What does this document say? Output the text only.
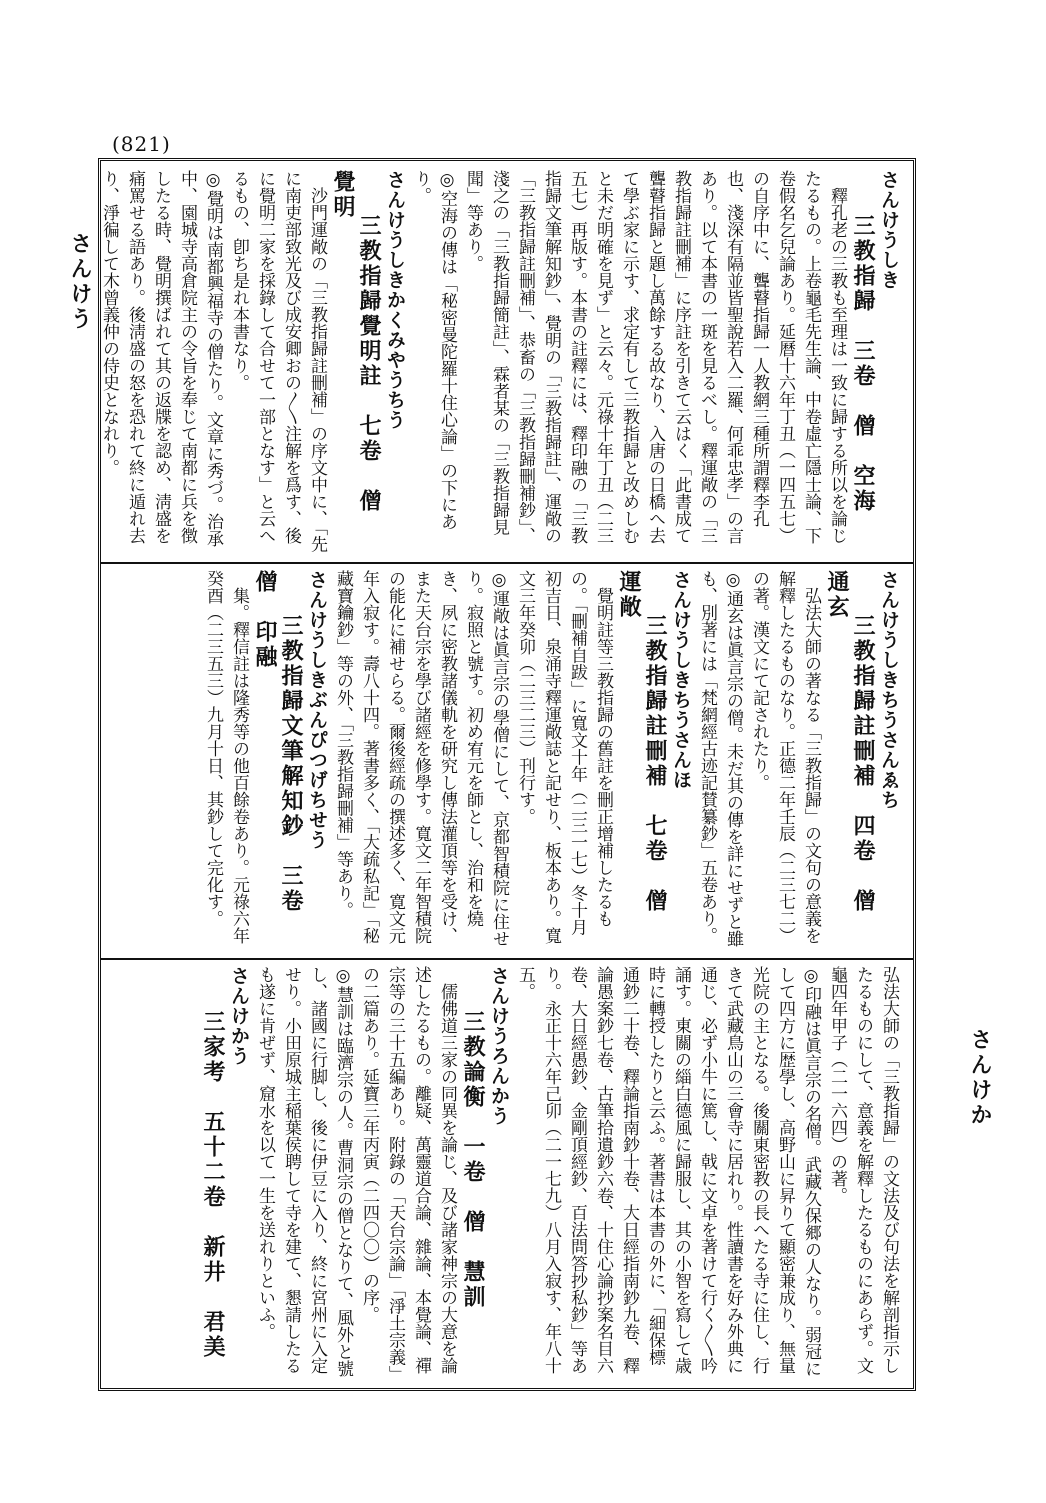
(821)
さんけう
さんけか

さんけうしき

三教指歸　三卷　僧　空海

釋孔老の三教も至理は一致に歸する所以を論じたるもの。上卷龜毛先生論、中卷虛亡隱士論、下卷假名乞兒論あり。延曆十六年丁丑（一四五七）の自序中に、聾瞽指歸一人教網三種所謂釋李孔也、淺深有隔並皆聖說若入二羅、何乖忠孝」の言あり。以て本書の一斑を見るべし。釋運敞の「三教指歸註刪補」に序註を引きて云はく「此書成て聾瞽指歸と題し萬餘する故なり、入唐の日橋へ去て學ぶ家に示す、求定有して三教指歸と改めしむと未だ明確を見ず」と云々。元祿十年丁丑（二三五七）再版す。本書の註釋には、釋印融の「三教指歸文筆解知鈔」、覺明の「三教指歸註」、運敞の「三教指歸註刪補」、恭畜の「三教指歸刪補鈔」、淺之の「三教指歸簡註」、霖者某の「三教指歸見聞」等あり。

◎空海の傳は「秘密曼陀羅十住心論」の下にあり。

さんけうしきかくみやうちう

三教指歸覺明註　七卷　僧　覺明

沙門運敞の「三教指歸註刪補」の序文中に、「先に南吏部致光及び成安卿おの〳〵注解を爲す、後に覺明二家を採錄して合せて一部となす」と云へるもの、卽ち是れ本書なり。

◎覺明は南都興福寺の僧たり。文章に秀づ。治承中、園城寺高倉院主の令旨を奉じて南都に兵を徴したる時、覺明撰ばれて其の返牒を認め、淸盛を痛罵せる語あり。後淸盛の怒を恐れて終に遁れ去り、淨徧して木曾義仲の侍史となれり。

さんけうしきちうさんゑち

三教指歸註刪補　四卷　僧　通玄

弘法大師の著なる「三教指歸」の文句の意義を解釋したるものなり。正德二年壬辰（二三七二）の著。漢文にて記されたり。

◎通玄は眞言宗の僧。未だ其の傳を詳にせずと雖も、別著には「梵網經古迹記賛纂鈔」五卷あり。

さんけうしきちうさんほ

三教指歸註刪補　七卷　僧　運敞

覺明註等三教指歸の舊註を刪正增補したるもの。「刪補自跋」に寬文十年（二三一七）冬十月初吉日、泉涌寺釋運敞誌と記せり、板本あり。寬文三年癸卯（二三二三）刊行す。

◎運敞は眞言宗の學僧にして、京都智積院に住せり。寂照と號す。初め宥元を師とし、治和を燒き、夙に密教諸儀軌を研究し傳法灌頂等を受け、また天台宗を學び諸經を修學す。寬文二年智積院の能化に補せらる。爾後經疏の撰述多く、寛文元年入寂す。壽八十四。著書多く、「大疏私記」「秘藏寶鑰鈔」等の外、「三教指歸刪補」等あり。

さんけうしきぶんぴつげちせう

三教指歸文筆解知鈔　三卷　僧　印融

集。釋信註は隆秀等の他百餘卷あり。元祿六年癸酉（二三五三）九月十日、其鈔して完化す。

弘法大師の「三教指歸」の文法及び句法を解剖指示したるものにして、意義を解釋したるものにあらず。文龜四年甲子（二一六四）の著。

◎印融は眞言宗の名僧。武藏久保郷の人なり。弱冠にして四方に歴學し、高野山に昇りて顯密兼成り、無量光院の主となる。後關東密教の長へたる寺に住し、行きて武藏鳥山の三會寺に居れり。性讀書を好み外典に通じ、必ず小牛に篤し、戟に文卓を著けて行く〳〵吟誦す。東關の緇白德風に歸服し、其の小智を寫して歳時に轉授したりと云ふ。著書は本書の外に、「細保標通鈔二十卷、釋論指南鈔十卷、大日經指南鈔九卷、釋論愚案鈔七卷、古筆拾遺鈔六卷、十住心論抄案名目六卷、大日經愚鈔、金剛頂經鈔、百法問答抄私鈔」等あり。永正十六年己卯（二一七九）八月入寂す、年八十五。

さんけうろんかう

三教論衡　一卷　僧　慧訓

儒佛道三家の同異を論じ、及び諸家神宗の大意を論述したるもの。離疑、萬靈道合論、雜論、本覺論、禪宗等の三十五編あり。附錄の「天台宗論」「淨土宗義」の二篇あり。延寶三年丙寅（二四〇〇）の序。

◎慧訓は臨濟宗の人。曹洞宗の僧となりて、風外と號し、諸國に行脚し、後に伊豆に入り、終に宮州に入定せり。小田原城主稲葉侯聘して寺を建て、懇請したるも遂に肯ぜず、窟水を以て一生を送れりといふ。

さんけかう

三家考　五十二卷　新井　君美
